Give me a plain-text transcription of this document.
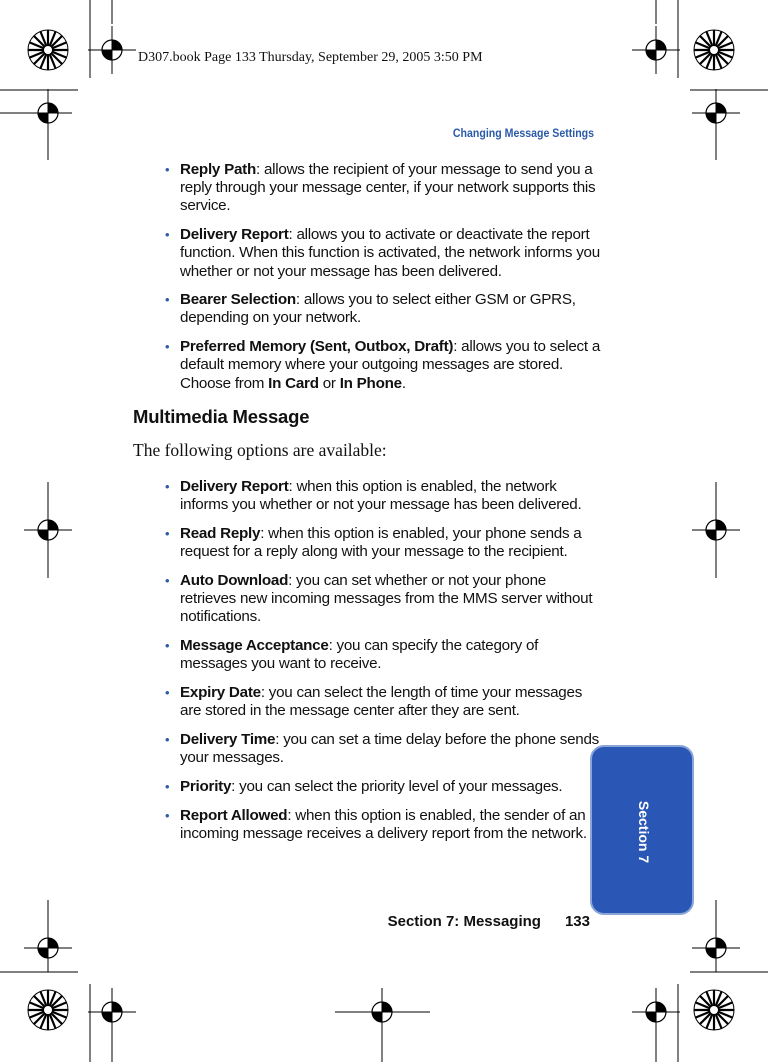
D307.book Page 133 Thursday, September 29, 2005 3:50 PM
Changing Message Settings
• Reply Path: allows the recipient of your message to send you a reply through your message center, if your network supports this service.
• Delivery Report: allows you to activate or deactivate the report function. When this function is activated, the network informs you whether or not your message has been delivered.
• Bearer Selection: allows you to select either GSM or GPRS, depending on your network.
• Preferred Memory (Sent, Outbox, Draft): allows you to select a default memory where your outgoing messages are stored. Choose from In Card or In Phone.
Multimedia Message

The following options are available:

• Delivery Report: when this option is enabled, the network informs you whether or not your message has been delivered.
• Read Reply: when this option is enabled, your phone sends a request for a reply along with your message to the recipient.
• Auto Download: you can set whether or not your phone retrieves new incoming messages from the MMS server without notifications.
• Message Acceptance: you can specify the category of messages you want to receive.
• Expiry Date: you can select the length of time your messages are stored in the message center after they are sent.
• Delivery Time: you can set a time delay before the phone sends your messages.
• Priority: you can select the priority level of your messages.
• Report Allowed: when this option is enabled, the sender of an incoming message receives a delivery report from the network.	Section 7
Section 7: Messaging 133
